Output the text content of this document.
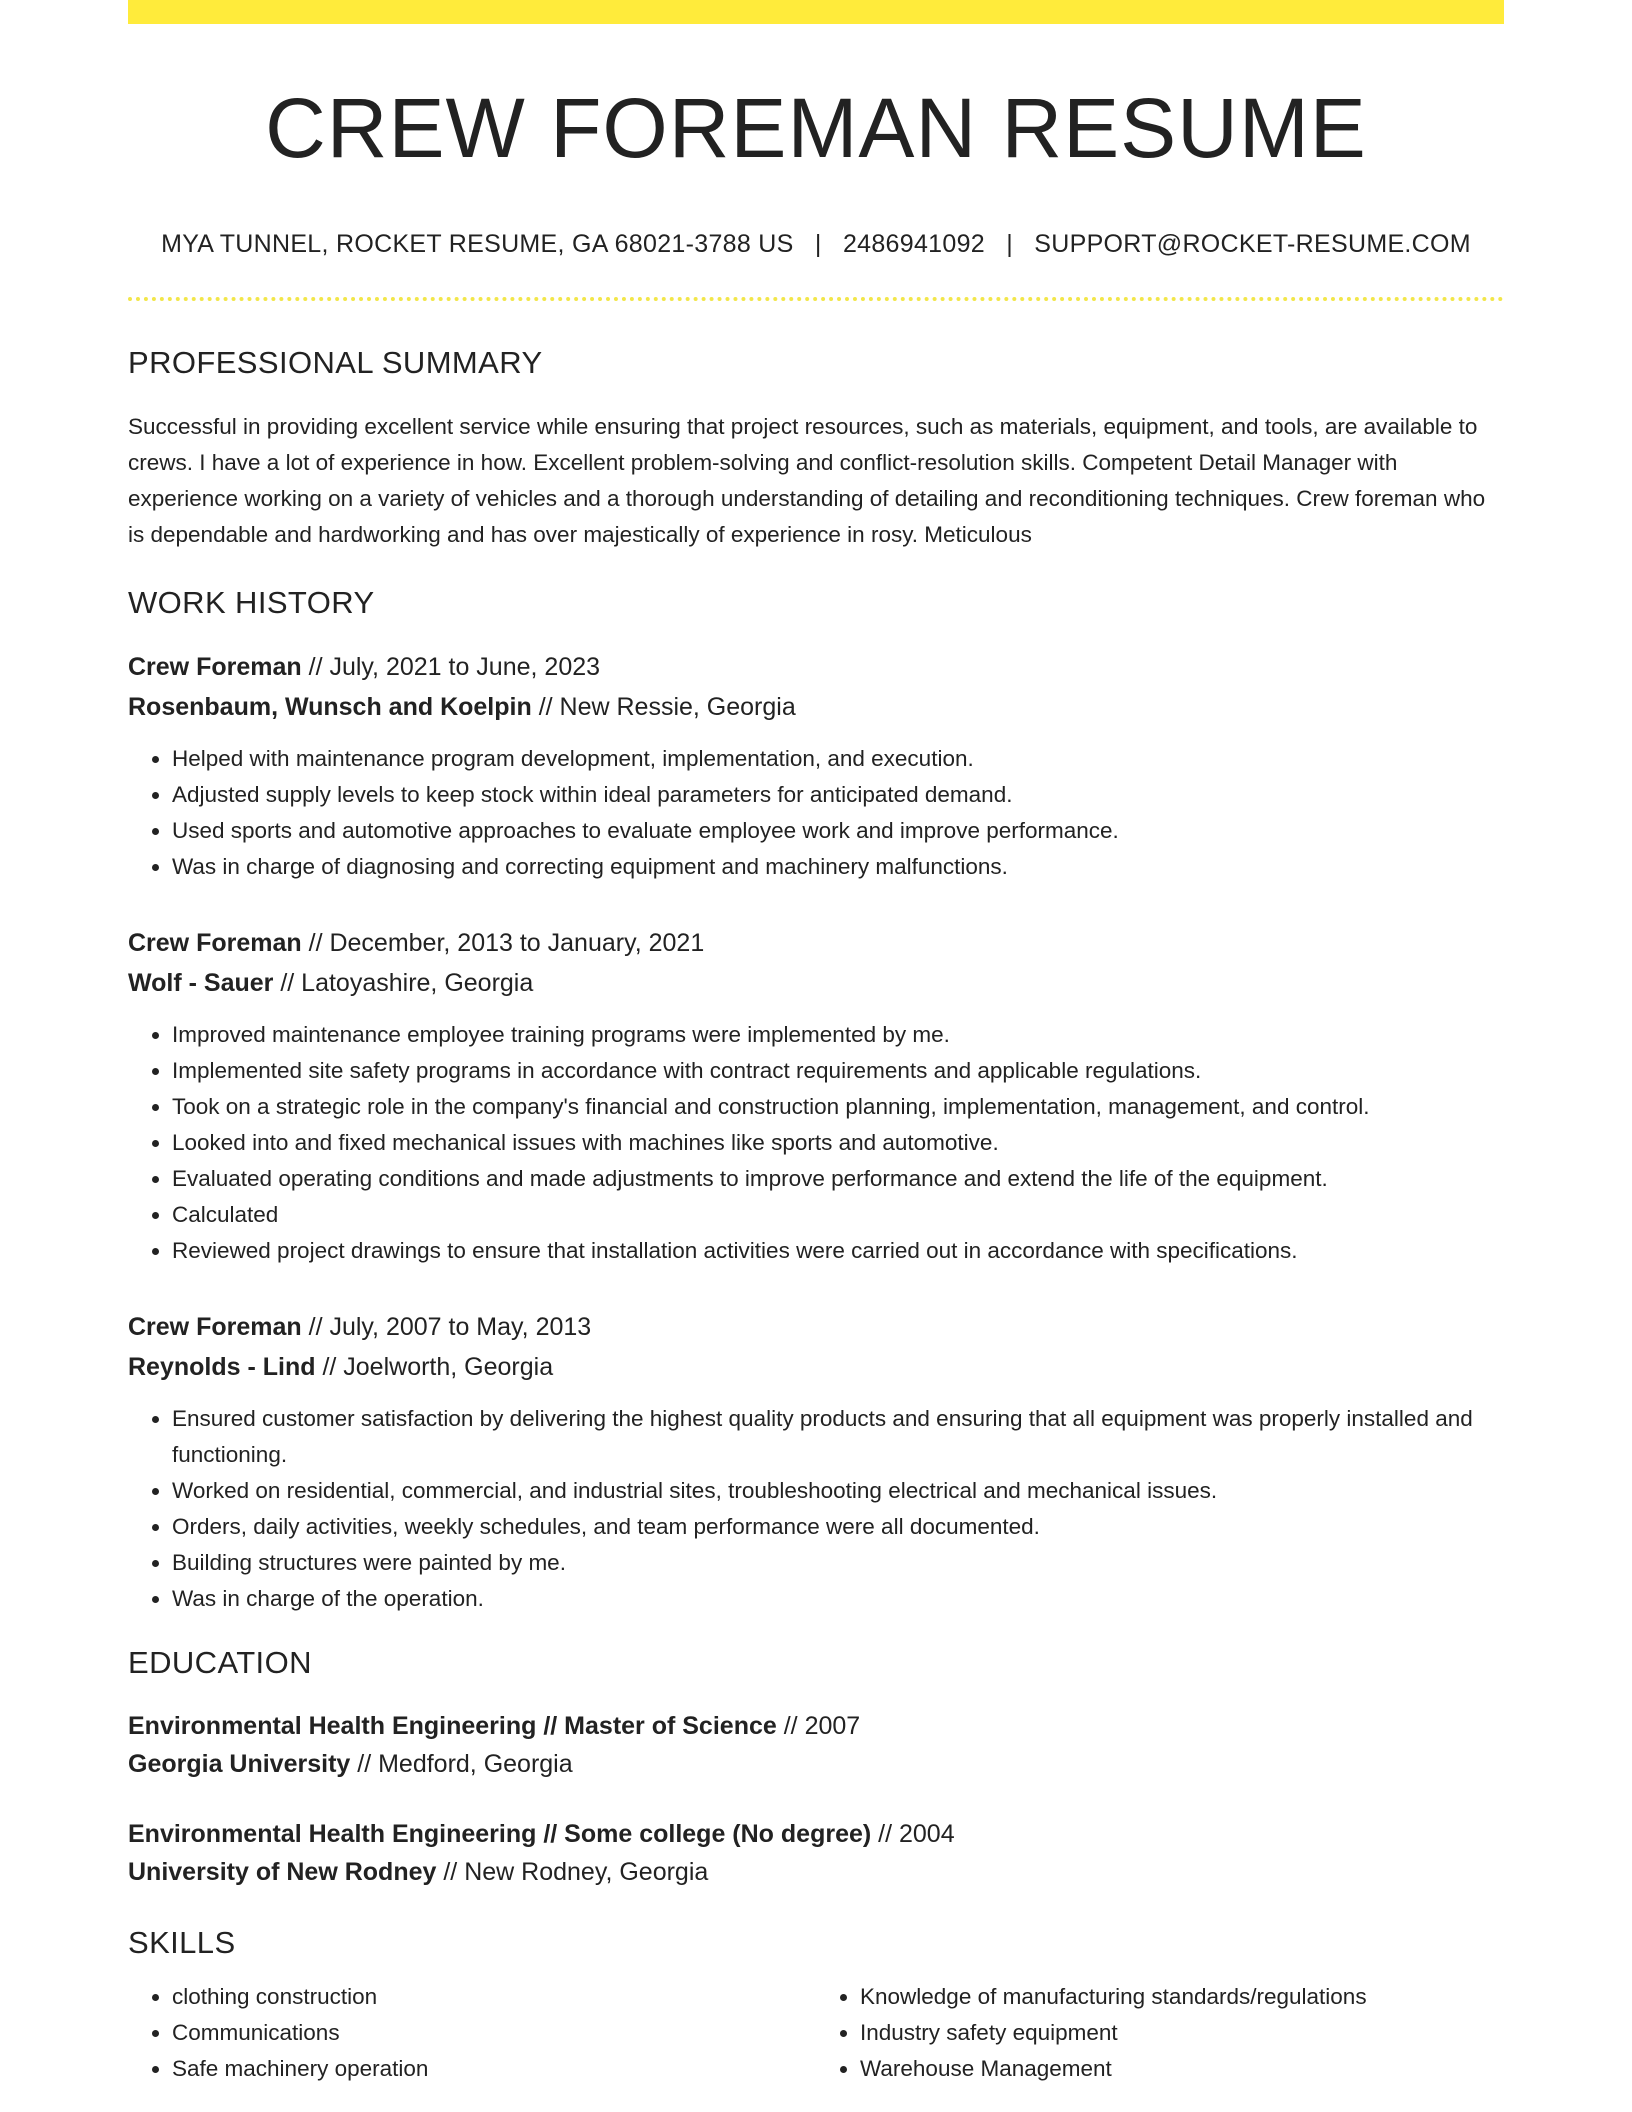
CREW FOREMAN RESUME
MYA TUNNEL, ROCKET RESUME, GA 68021-3788 US | 2486941092 | SUPPORT@ROCKET-RESUME.COM
PROFESSIONAL SUMMARY

Successful in providing excellent service while ensuring that project resources, such as materials, equipment, and tools, are available to crews. I have a lot of experience in how. Excellent problem-solving and conflict-resolution skills. Competent Detail Manager with experience working on a variety of vehicles and a thorough understanding of detailing and reconditioning techniques. Crew foreman who is dependable and hardworking and has over majestically of experience in rosy. Meticulous

WORK HISTORY
Crew Foreman // July, 2021 to June, 2023
Rosenbaum, Wunsch and Koelpin // New Ressie, Georgia
• Helped with maintenance program development, implementation, and execution.
• Adjusted supply levels to keep stock within ideal parameters for anticipated demand.
• Used sports and automotive approaches to evaluate employee work and improve performance.
• Was in charge of diagnosing and correcting equipment and machinery malfunctions.
Crew Foreman // December, 2013 to January, 2021
Wolf - Sauer // Latoyashire, Georgia
• Improved maintenance employee training programs were implemented by me.
• Implemented site safety programs in accordance with contract requirements and applicable regulations.
• Took on a strategic role in the company's financial and construction planning, implementation, management, and control.
• Looked into and fixed mechanical issues with machines like sports and automotive.
• Evaluated operating conditions and made adjustments to improve performance and extend the life of the equipment.
• Calculated
• Reviewed project drawings to ensure that installation activities were carried out in accordance with specifications.
Crew Foreman // July, 2007 to May, 2013
Reynolds - Lind // Joelworth, Georgia
• Ensured customer satisfaction by delivering the highest quality products and ensuring that all equipment was properly installed and functioning.
• Worked on residential, commercial, and industrial sites, troubleshooting electrical and mechanical issues.
• Orders, daily activities, weekly schedules, and team performance were all documented.
• Building structures were painted by me.
• Was in charge of the operation.
EDUCATION
Environmental Health Engineering // Master of Science // 2007
Georgia University // Medford, Georgia
Environmental Health Engineering // Some college (No degree) // 2004
University of New Rodney // New Rodney, Georgia
SKILLS
• clothing construction
• Communications
• Safe machinery operation
• Knowledge of manufacturing standards/regulations
• Industry safety equipment
• Warehouse Management
